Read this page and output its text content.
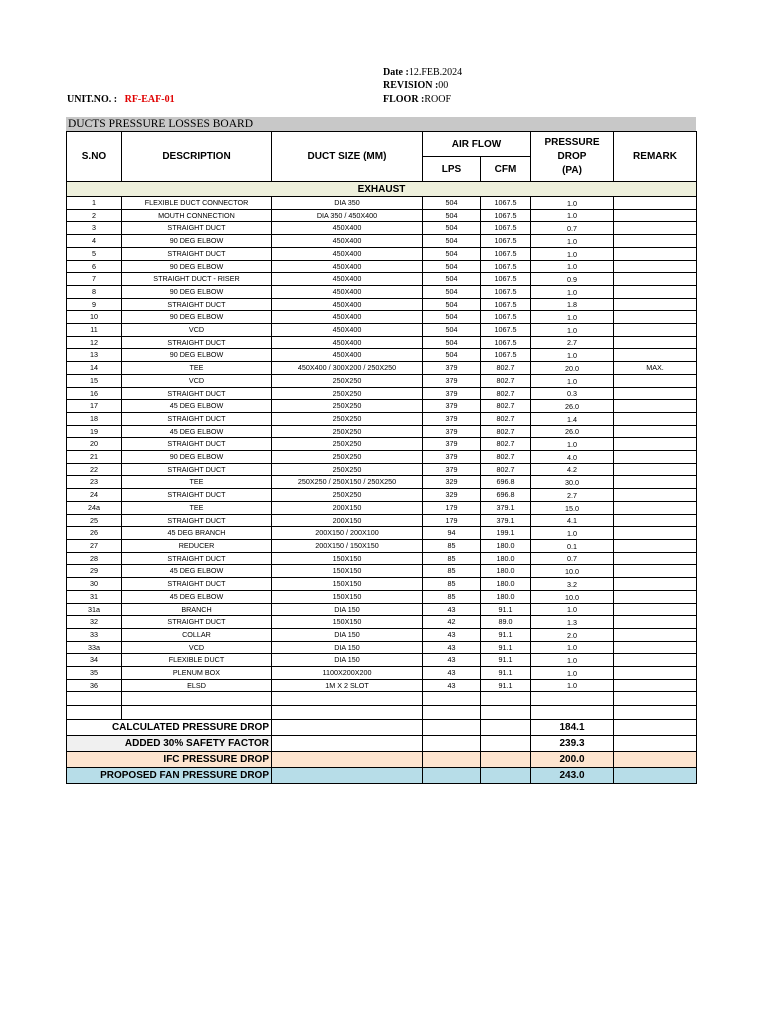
Date :12.FEB.2024
REVISION :00
FLOOR :ROOF
UNIT.NO. : RF-EAF-01
DUCTS PRESSURE LOSSES BOARD
S.NO	DESCRIPTION	DUCT SIZE (MM)	AIR FLOW		PRESSURE
DROP
(PA)	REMARK
			LPS	CFM		
EXHAUST						
1	FLEXIBLE DUCT CONNECTOR	DIA 350	504	1067.5	1.0	
2	MOUTH CONNECTION	DIA 350 / 450X400	504	1067.5	1.0	
3	STRAIGHT DUCT	450X400	504	1067.5	0.7	
4	90 DEG ELBOW	450X400	504	1067.5	1.0	
5	STRAIGHT DUCT	450X400	504	1067.5	1.0	
6	90 DEG ELBOW	450X400	504	1067.5	1.0	
7	STRAIGHT DUCT - RISER	450X400	504	1067.5	0.9	
8	90 DEG ELBOW	450X400	504	1067.5	1.0	
9	STRAIGHT DUCT	450X400	504	1067.5	1.8	
10	90 DEG ELBOW	450X400	504	1067.5	1.0	
11	VCD	450X400	504	1067.5	1.0	
12	STRAIGHT DUCT	450X400	504	1067.5	2.7	
13	90 DEG ELBOW	450X400	504	1067.5	1.0	
14	TEE	450X400 / 300X200 / 250X250	379	802.7	20.0	MAX.
15	VCD	250X250	379	802.7	1.0	
16	STRAIGHT DUCT	250X250	379	802.7	0.3	
17	45 DEG ELBOW	250X250	379	802.7	26.0	
18	STRAIGHT DUCT	250X250	379	802.7	1.4	
19	45 DEG ELBOW	250X250	379	802.7	26.0	
20	STRAIGHT DUCT	250X250	379	802.7	1.0	
21	90 DEG ELBOW	250X250	379	802.7	4.0	
22	STRAIGHT DUCT	250X250	379	802.7	4.2	
23	TEE	250X250 / 250X150 / 250X250	329	696.8	30.0	
24	STRAIGHT DUCT	250X250	329	696.8	2.7	
24a	TEE	200X150	179	379.1	15.0	
25	STRAIGHT DUCT	200X150	179	379.1	4.1	
26	45 DEG BRANCH	200X150 / 200X100	94	199.1	1.0	
27	REDUCER	200X150 / 150X150	85	180.0	0.1	
28	STRAIGHT DUCT	150X150	85	180.0	0.7	
29	45 DEG ELBOW	150X150	85	180.0	10.0	
30	STRAIGHT DUCT	150X150	85	180.0	3.2	
31	45 DEG ELBOW	150X150	85	180.0	10.0	
31a	BRANCH	DIA 150	43	91.1	1.0	
32	STRAIGHT DUCT	150X150	42	89.0	1.3	
33	COLLAR	DIA 150	43	91.1	2.0	
33a	VCD	DIA 150	43	91.1	1.0	
34	FLEXIBLE DUCT	DIA 150	43	91.1	1.0	
35	PLENUM BOX	1100X200X200	43	91.1	1.0	
36	ELSD	1M X 2 SLOT	43	91.1	1.0	

CALCULATED PRESSURE DROP					184.1	
ADDED 30% SAFETY FACTOR					239.3	
IFC PRESSURE DROP					200.0	
PROPOSED FAN PRESSURE DROP					243.0	
